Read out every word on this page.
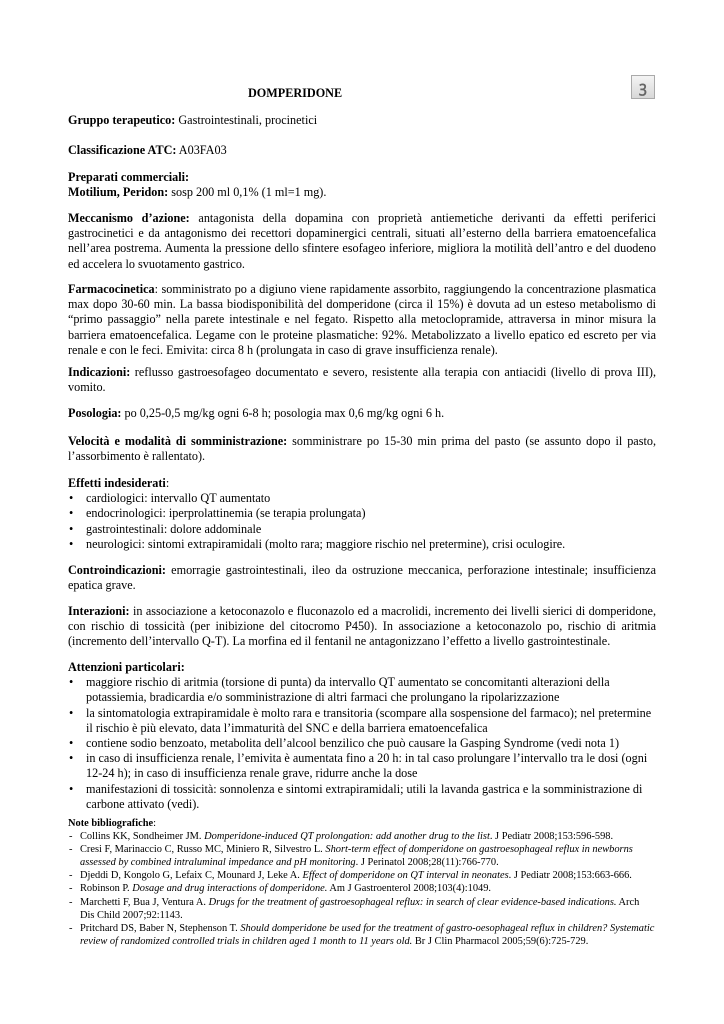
DOMPERIDONE	ꝫ
Gruppo terapeutico: Gastrointestinali, procinetici
Classificazione ATC: A03FA03
Preparati commerciali:
Motilium, Peridon: sosp 200 ml 0,1% (1 ml=1 mg).
Meccanismo d’azione: antagonista della dopamina con proprietà antiemetiche derivanti da effetti periferici gastrocinetici e da antagonismo dei recettori dopaminergici centrali, situati all’esterno della barriera ematoencefalica nell’area postrema. Aumenta la pressione dello sfintere esofageo inferiore, migliora la motilità dell’antro e del duodeno ed accelera lo svuotamento gastrico.
Farmacocinetica: somministrato po a digiuno viene rapidamente assorbito, raggiungendo la concentrazione plasmatica max dopo 30-60 min. La bassa biodisponibilità del domperidone (circa il 15%) è dovuta ad un esteso metabolismo di “primo passaggio” nella parete intestinale e nel fegato. Rispetto alla metoclopramide, attraversa in minor misura la barriera ematoencefalica. Legame con le proteine plasmatiche: 92%. Metabolizzato a livello epatico ed escreto per via renale e con le feci. Emivita: circa 8 h (prolungata in caso di grave insufficienza renale).
Indicazioni: reflusso gastroesofageo documentato e severo, resistente alla terapia con antiacidi (livello di prova III), vomito.
Posologia: po 0,25-0,5 mg/kg ogni 6-8 h; posologia max 0,6 mg/kg ogni 6 h.
Velocità e modalità di somministrazione: somministrare po 15-30 min prima del pasto (se assunto dopo il pasto, l’assorbimento è rallentato).
Effetti indesiderati:
• cardiologici: intervallo QT aumentato
• endocrinologici: iperprolattinemia (se terapia prolungata)
• gastrointestinali: dolore addominale
• neurologici: sintomi extrapiramidali (molto rara; maggiore rischio nel pretermine), crisi oculogire.
Controindicazioni: emorragie gastrointestinali, ileo da ostruzione meccanica, perforazione intestinale; insufficienza epatica grave.
Interazioni: in associazione a ketoconazolo e fluconazolo ed a macrolidi, incremento dei livelli sierici di domperidone, con rischio di tossicità (per inibizione del citocromo P450). In associazione a ketoconazolo po, rischio di aritmia (incremento dell’intervallo Q-T). La morfina ed il fentanil ne antagonizzano l’effetto a livello gastrointestinale.
Attenzioni particolari:
• maggiore rischio di aritmia (torsione di punta) da intervallo QT aumentato se concomitanti alterazioni della potassiemia, bradicardia e/o somministrazione di altri farmaci che prolungano la ripolarizzazione
• la sintomatologia extrapiramidale è molto rara e transitoria (scompare alla sospensione del farmaco); nel pretermine il rischio è più elevato, data l’immaturità del SNC e della barriera ematoencefalica
• contiene sodio benzoato, metabolita dell’alcool benzilico che può causare la Gasping Syndrome (vedi nota 1)
• in caso di insufficienza renale, l’emivita è aumentata fino a 20 h: in tal caso prolungare l’intervallo tra le dosi (ogni 12-24 h); in caso di insufficienza renale grave, ridurre anche la dose
• manifestazioni di tossicità: sonnolenza e sintomi extrapiramidali; utili la lavanda gastrica e la somministrazione di carbone attivato (vedi).
Note bibliografiche:
- Collins KK, Sondheimer JM. Domperidone-induced QT prolongation: add another drug to the list. J Pediatr 2008;153:596-598.
- Cresi F, Marinaccio C, Russo MC, Miniero R, Silvestro L. Short-term effect of domperidone on gastroesophageal reflux in newborns assessed by combined intraluminal impedance and pH monitoring. J Perinatol 2008;28(11):766-770.
- Djeddi D, Kongolo G, Lefaix C, Mounard J, Leke A. Effect of domperidone on QT interval in neonates. J Pediatr 2008;153:663-666.
- Robinson P. Dosage and drug interactions of domperidone. Am J Gastroenterol 2008;103(4):1049.
- Marchetti F, Bua J, Ventura A. Drugs for the treatment of gastroesophageal reflux: in search of clear evidence-based indications. Arch Dis Child 2007;92:1143.
- Pritchard DS, Baber N, Stephenson T. Should domperidone be used for the treatment of gastro-oesophageal reflux in children? Systematic review of randomized controlled trials in children aged 1 month to 11 years old. Br J Clin Pharmacol 2005;59(6):725-729.
